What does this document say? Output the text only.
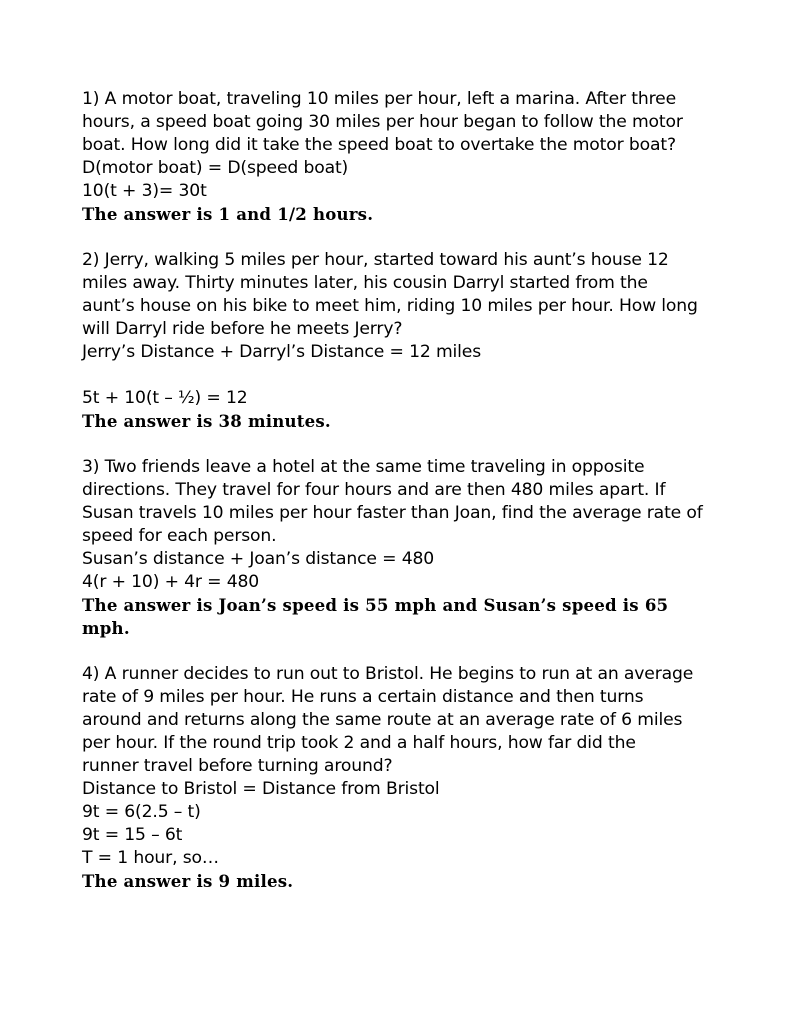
1) A motor boat, traveling 10 miles per hour, left a marina. After three
hours, a speed boat going 30 miles per hour began to follow the motor
boat. How long did it take the speed boat to overtake the motor boat?
D(motor boat) = D(speed boat)
10(t + 3)= 30t
The answer is 1 and 1/2 hours.
2) Jerry, walking 5 miles per hour, started toward his aunt’s house 12
miles away. Thirty minutes later, his cousin Darryl started from the
aunt’s house on his bike to meet him, riding 10 miles per hour. How long
will Darryl ride before he meets Jerry?
Jerry’s Distance + Darryl’s Distance = 12 miles
5t + 10(t – ½) = 12
The answer is 38 minutes.
3) Two friends leave a hotel at the same time traveling in opposite
directions. They travel for four hours and are then 480 miles apart. If
Susan travels 10 miles per hour faster than Joan, find the average rate of
speed for each person.
Susan’s distance + Joan’s distance = 480
4(r + 10) + 4r = 480
The answer is Joan’s speed is 55 mph and Susan’s speed is 65
mph.
4) A runner decides to run out to Bristol. He begins to run at an average
rate of 9 miles per hour. He runs a certain distance and then turns
around and returns along the same route at an average rate of 6 miles
per hour. If the round trip took 2 and a half hours, how far did the
runner travel before turning around?
Distance to Bristol = Distance from Bristol
9t = 6(2.5 – t)
9t = 15 – 6t
T = 1 hour, so…
The answer is 9 miles.
